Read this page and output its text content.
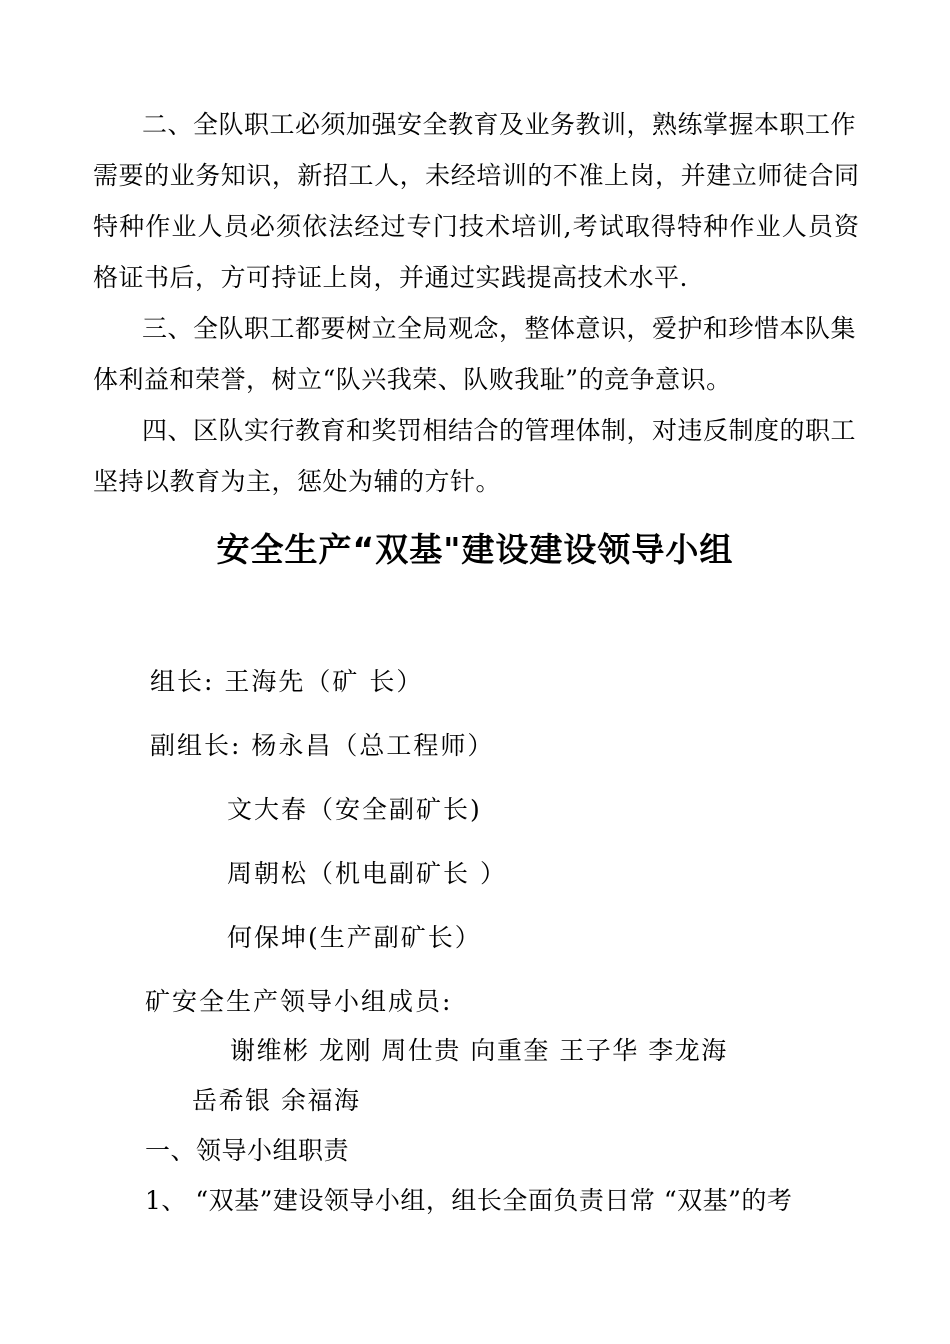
二、全队职工必须加强安全教育及业务教训，熟练掌握本职工作
需要的业务知识，新招工人，未经培训的不准上岗，并建立师徒合同
特种作业人员必须依法经过专门技术培训,考试取得特种作业人员资
格证书后，方可持证上岗，并通过实践提高技术水平.
三、全队职工都要树立全局观念，整体意识，爱护和珍惜本队集
体利益和荣誉，树立“队兴我荣、队败我耻”的竞争意识。
四、区队实行教育和奖罚相结合的管理体制，对违反制度的职工
坚持以教育为主，惩处为辅的方针。
安全生产“双基"建设建设领导小组
组长: 王海先（矿 长）
副组长: 杨永昌（总工程师）
文大春（安全副矿长)
周朝松（机电副矿长 ）
何保坤(生产副矿长）
矿安全生产领导小组成员:
谢维彬 龙刚 周仕贵 向重奎 王子华 李龙海
岳希银 余福海
一、领导小组职责
1、 “双基”建设领导小组，组长全面负责日常 “双基”的考
